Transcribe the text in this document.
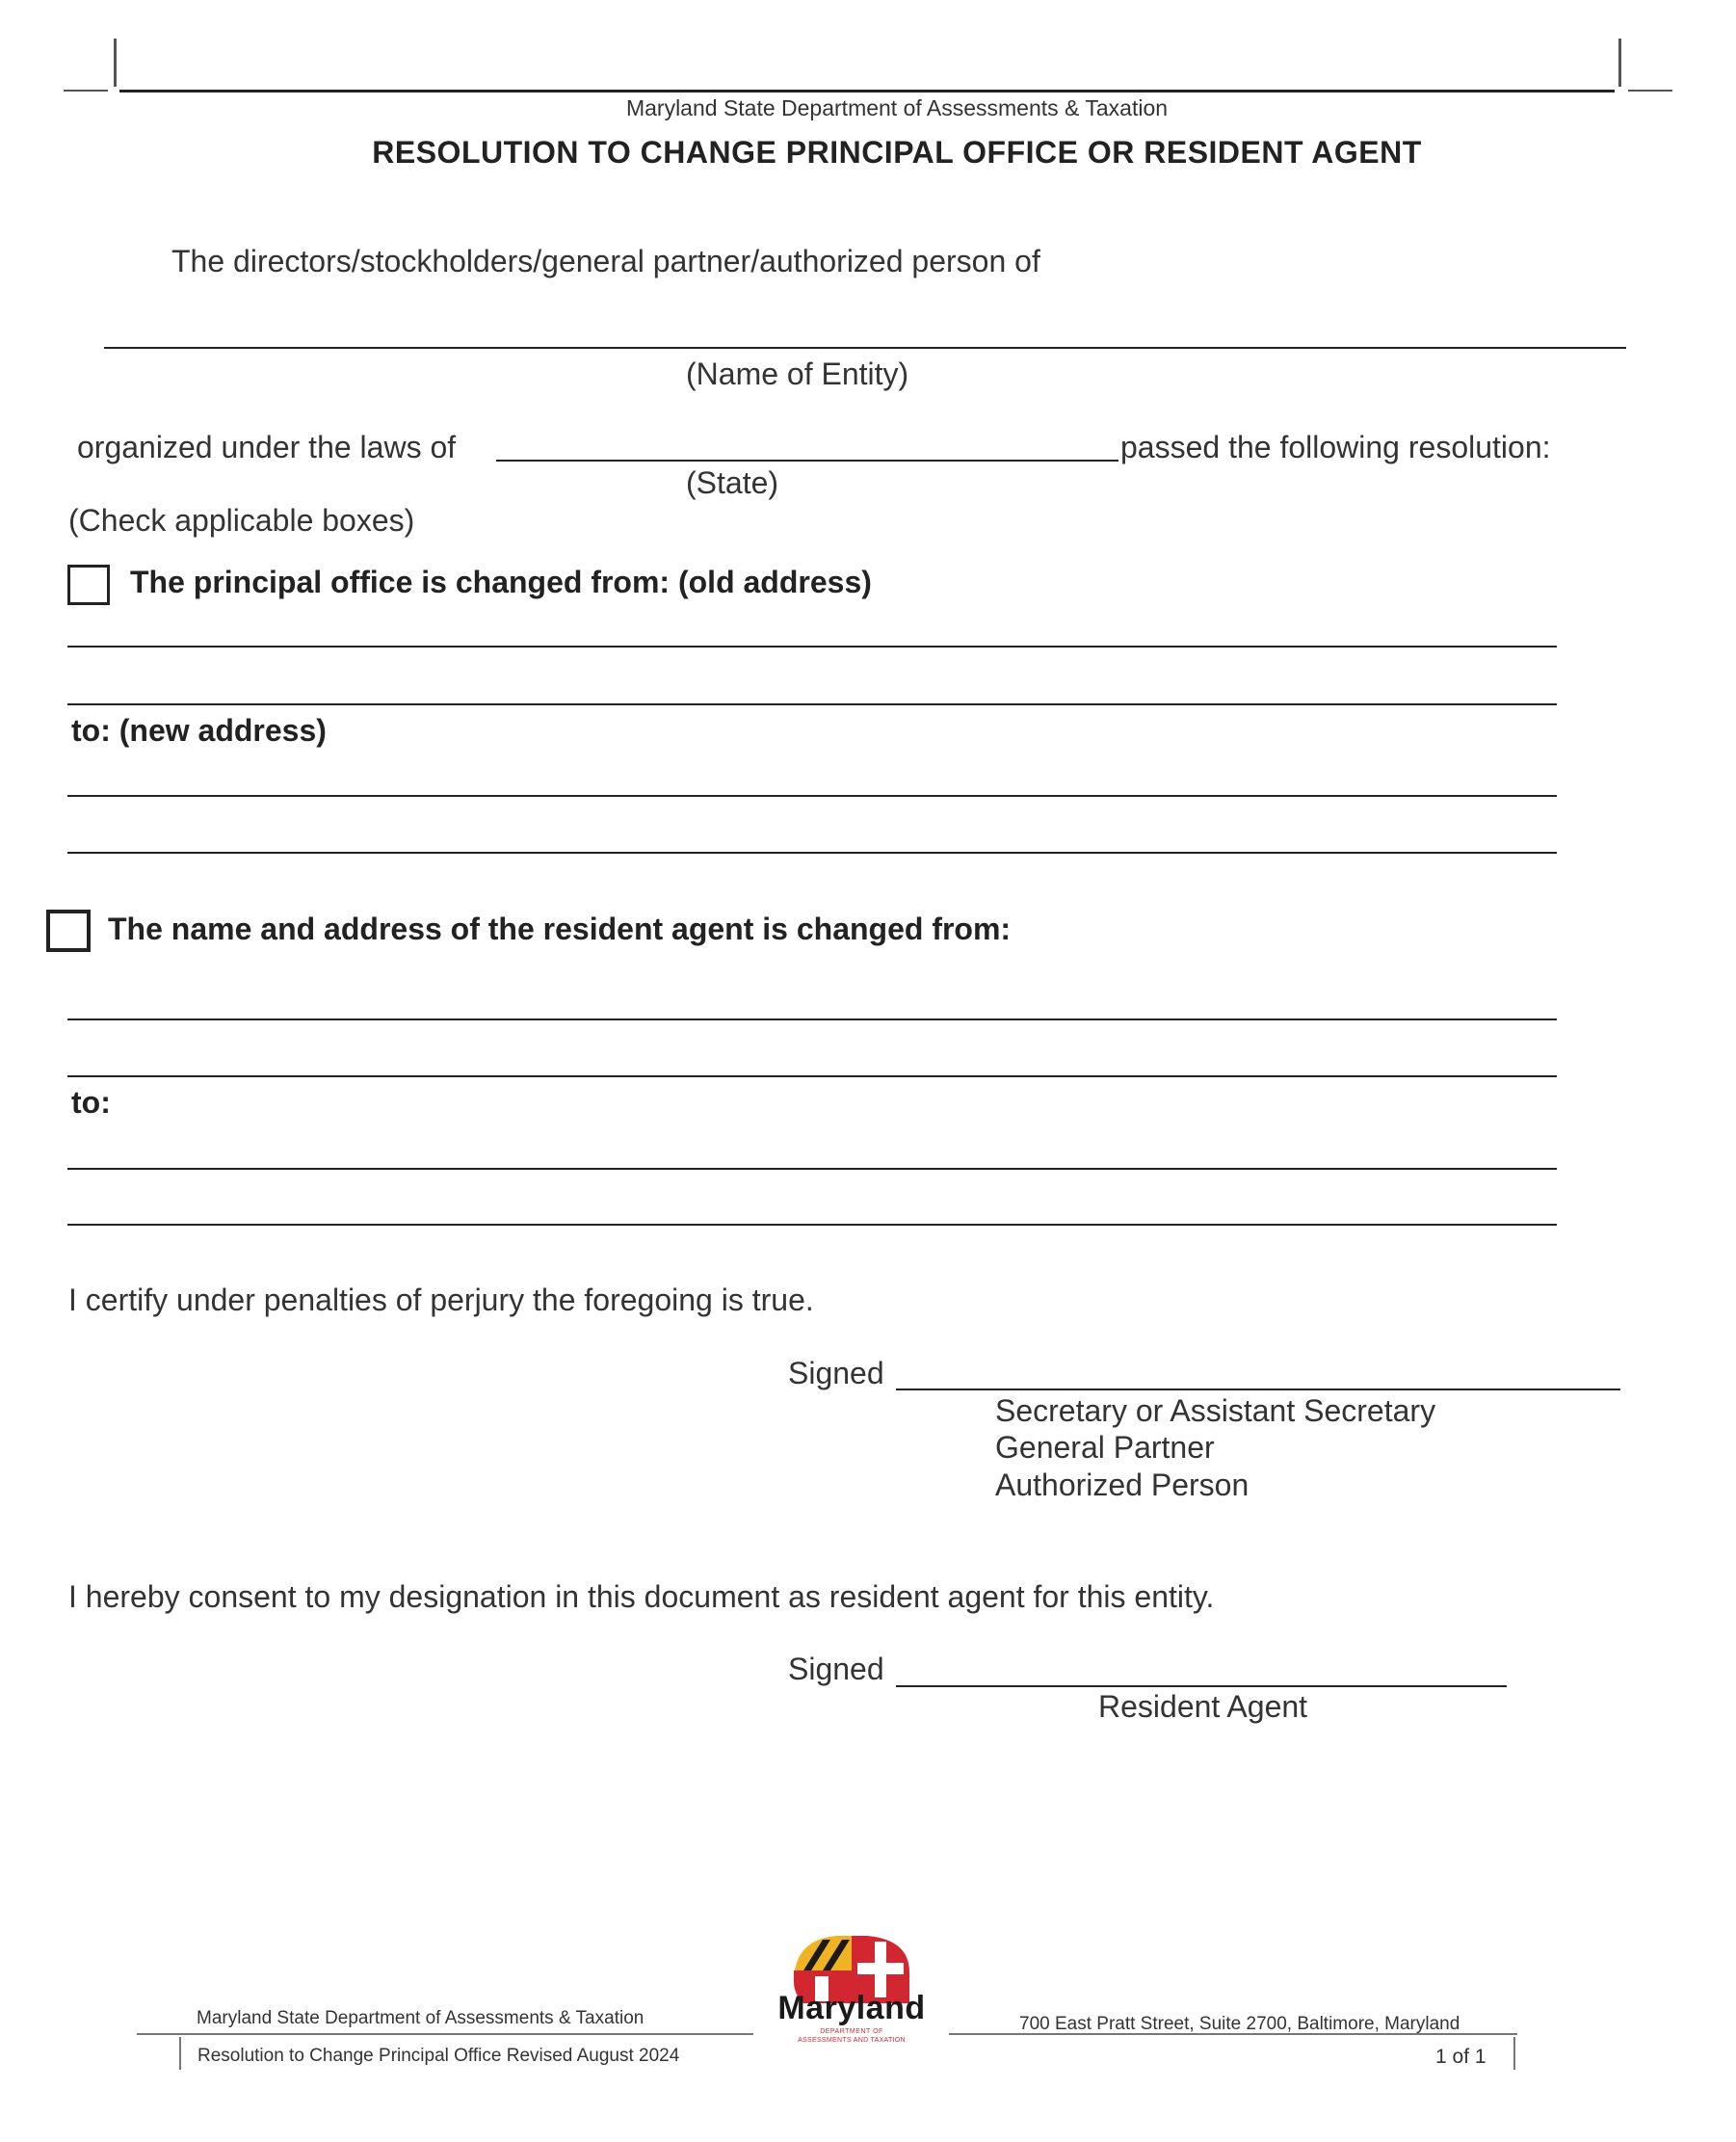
Maryland State Department of Assessments & Taxation
RESOLUTION TO CHANGE PRINCIPAL OFFICE OR RESIDENT AGENT
The directors/stockholders/general partner/authorized person of
(Name of Entity)
organized under the laws of	passed the following resolution:
(State)
(Check applicable boxes)
The principal office is changed from: (old address)
to: (new address)
The name and address of the resident agent is changed from:
to:
I certify under penalties of perjury the foregoing is true.
Signed
Secretary or Assistant Secretary
General Partner
Authorized Person
I hereby consent to my designation in this document as resident agent for this entity.
Signed
Resident Agent
Maryland State Department of Assessments & Taxation
Resolution to Change Principal Office Revised August 2024
Maryland
DEPARTMENT OF
ASSESSMENTS AND TAXATION
700 East Pratt Street, Suite 2700, Baltimore, Maryland
1 of 1
